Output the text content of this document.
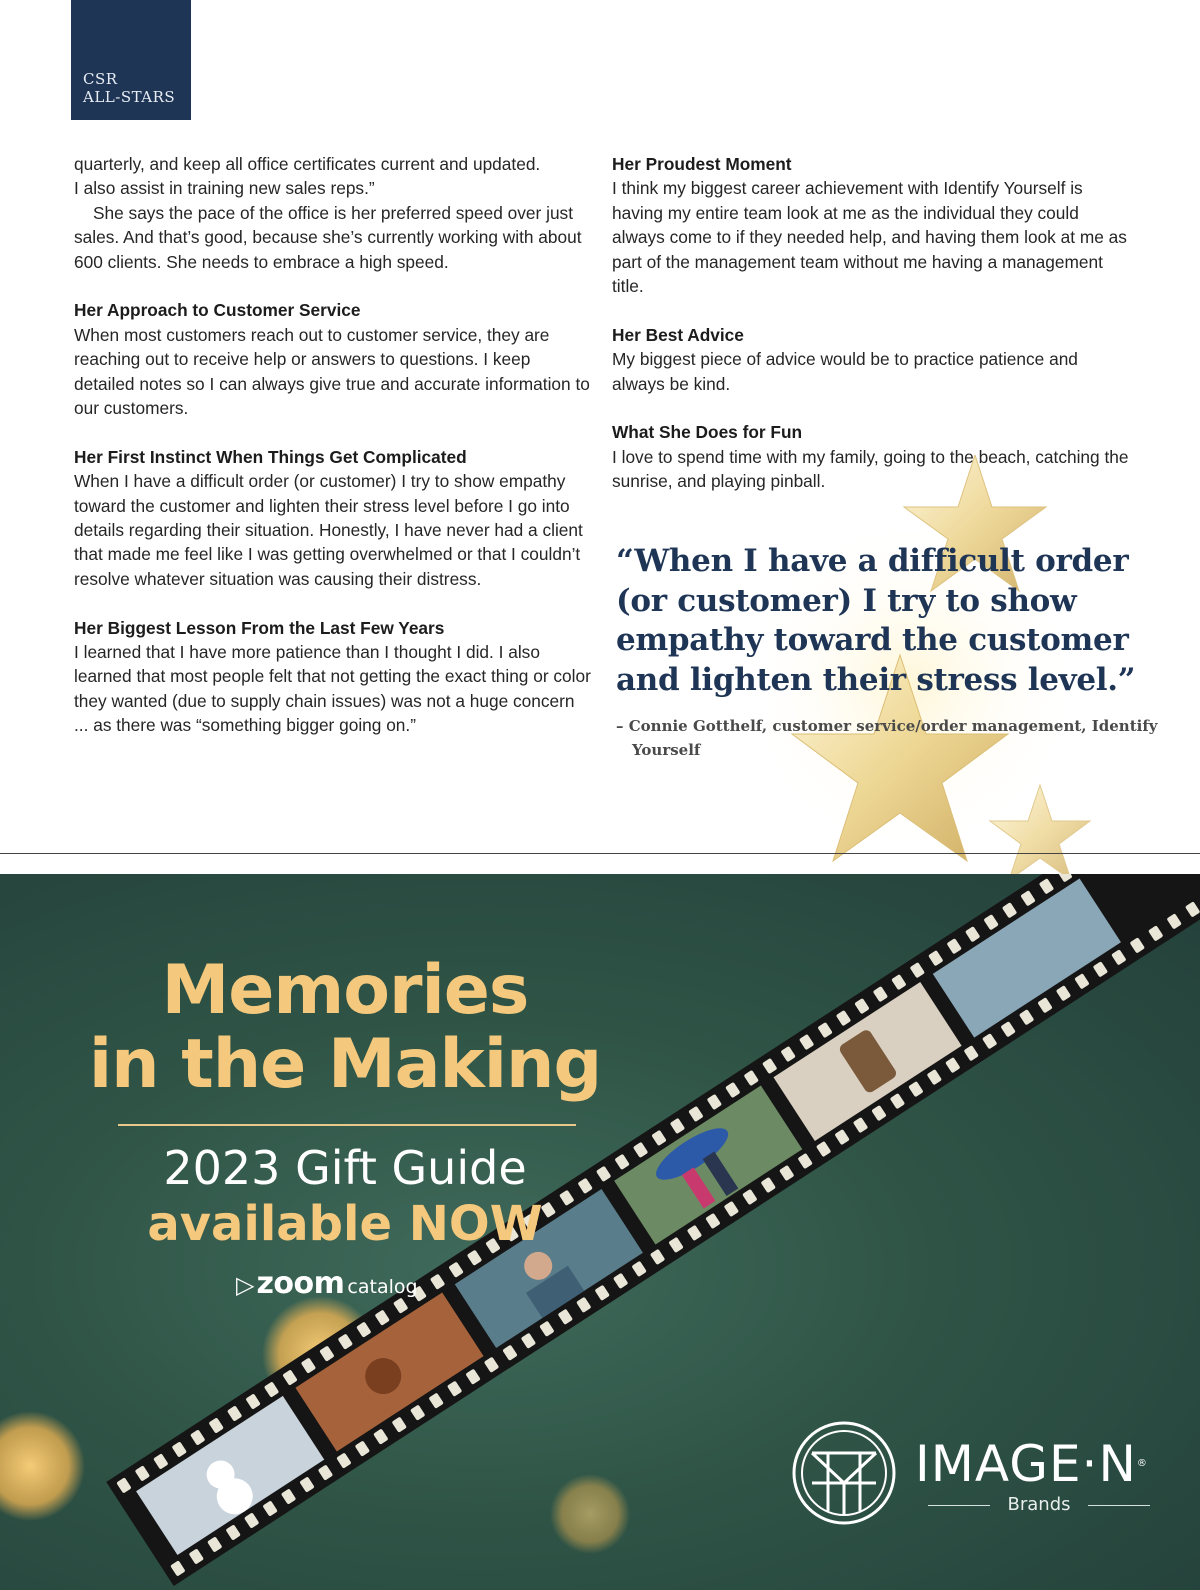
CSR
ALL-STARS

quarterly, and keep all office certificates current and updated.

I also assist in training new sales reps.”

She says the pace of the office is her preferred speed over just sales. And that’s good, because she’s currently working with about 600 clients. She needs to embrace a high speed.

Her Approach to Customer Service

When most customers reach out to customer service, they are reaching out to receive help or answers to questions. I keep detailed notes so I can always give true and accurate information to our customers.

Her First Instinct When Things Get Complicated

When I have a difficult order (or customer) I try to show empathy toward the customer and lighten their stress level before I go into details regarding their situation. Honestly, I have never had a client that made me feel like I was getting overwhelmed or that I couldn’t resolve whatever situation was causing their distress.

Her Biggest Lesson From the Last Few Years

I learned that I have more patience than I thought I did. I also learned that most people felt that not getting the exact thing or color they wanted (due to supply chain issues) was not a huge concern ... as there was “something bigger going on.”

Her Proudest Moment

I think my biggest career achievement with Identify Yourself is having my entire team look at me as the individual they could always come to if they needed help, and having them look at me as part of the management team without me having a management title.

Her Best Advice

My biggest piece of advice would be to practice patience and always be kind.

What She Does for Fun

I love to spend time with my family, going to the beach, catching the sunrise, and playing pinball.

“When I have a difficult order
(or customer) I try to show
empathy toward the customer
and lighten their stress level.”
– Connie Gotthelf, customer service/order management, Identify Yourself
Memories
in the Making
2023 Gift Guide
available NOW
▷ zoom catalog
IMAGE·N®
Brands
